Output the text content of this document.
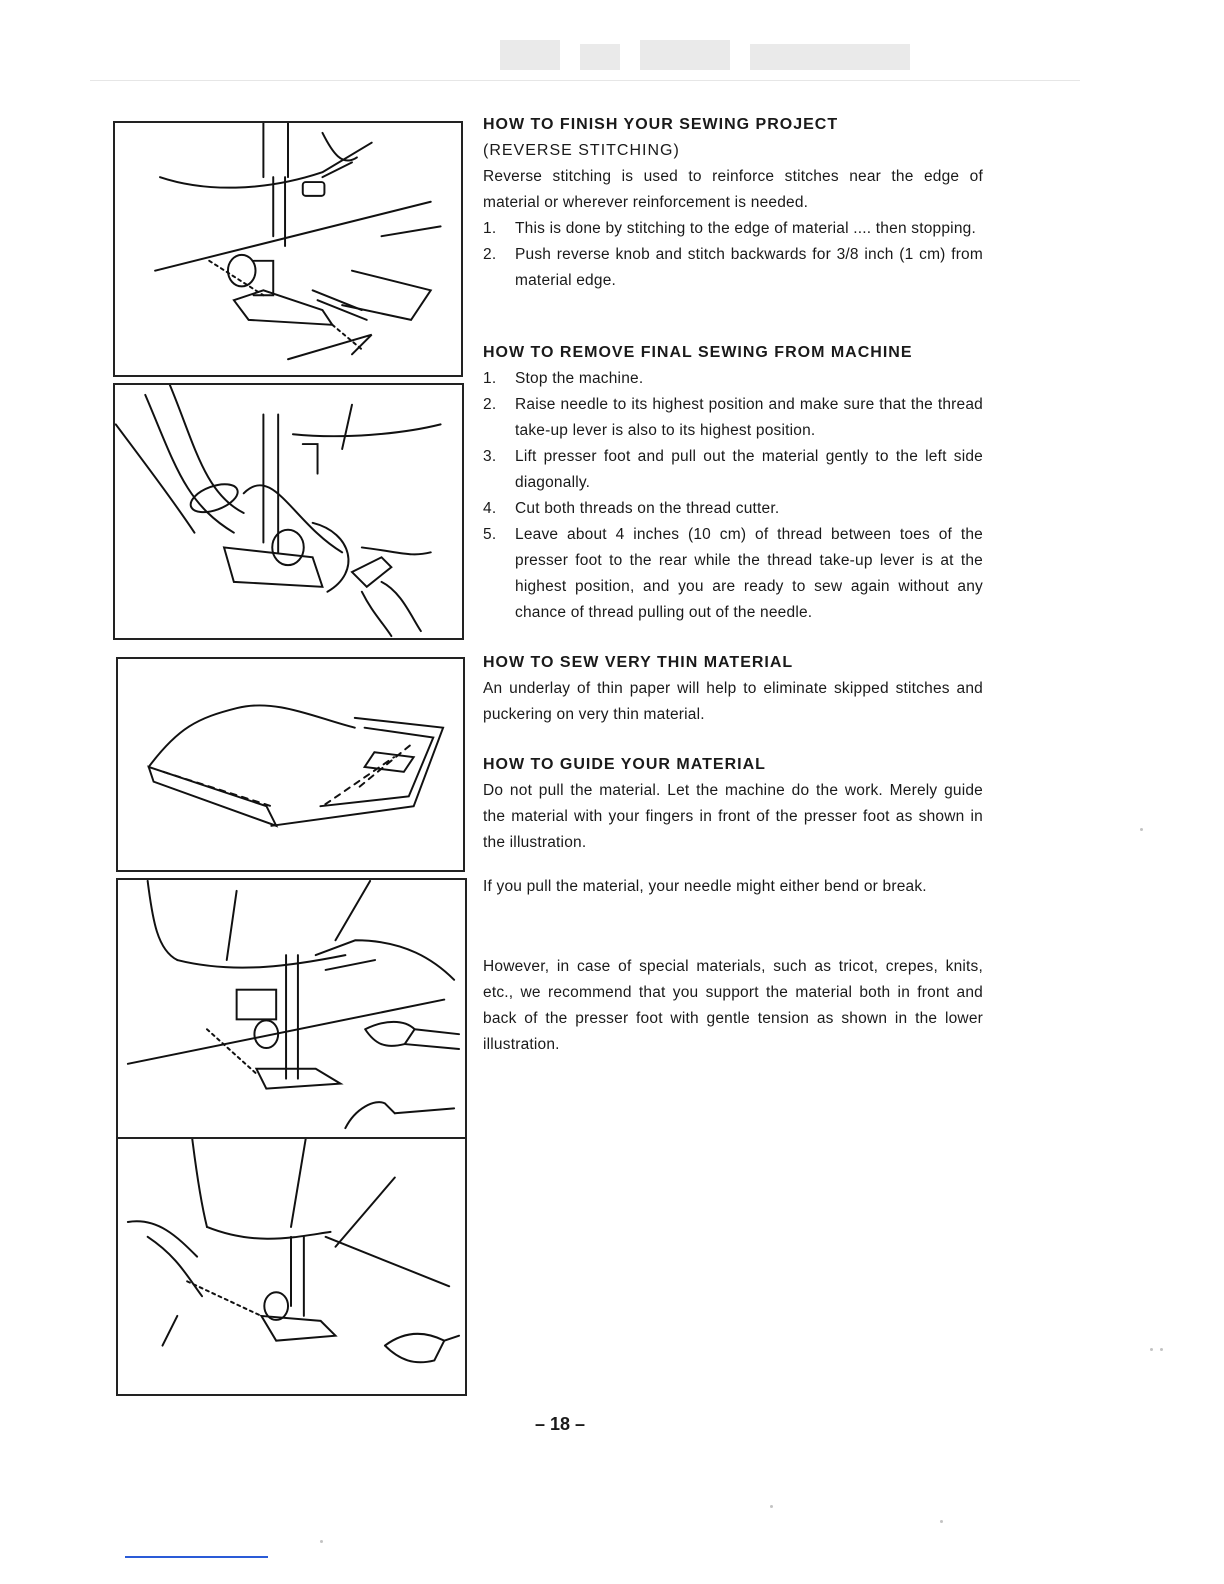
HOW TO FINISH YOUR SEWING PROJECT

(REVERSE STITCHING)

Reverse stitching is used to reinforce stitches near the edge of material or wherever reinforcement is needed.

1.	This is done by stitching to the edge of material .... then stopping.
2.	Push reverse knob and stitch backwards for 3/8 inch (1 cm) from material edge.

HOW TO REMOVE FINAL SEWING FROM MACHINE

1.	Stop the machine.
2.	Raise needle to its highest position and make sure that the thread take-up lever is also to its highest position.
3.	Lift presser foot and pull out the material gently to the left side diagonally.
4.	Cut both threads on the thread cutter.
5.	Leave about 4 inches (10 cm) of thread between toes of the presser foot to the rear while the thread take-up lever is at the highest position, and you are ready to sew again without any chance of thread pulling out of the needle.

HOW TO SEW VERY THIN MATERIAL

An underlay of thin paper will help to eliminate skipped stitches and puckering on very thin material.

HOW TO GUIDE YOUR MATERIAL

Do not pull the material. Let the machine do the work. Merely guide the material with your fingers in front of the presser foot as shown in the illustration.

If you pull the material, your needle might either bend or break.

However, in case of special materials, such as tricot, crepes, knits, etc., we recommend that you support the material both in front and back of the presser foot with gentle tension as shown in the lower illustration.

– 18 –
